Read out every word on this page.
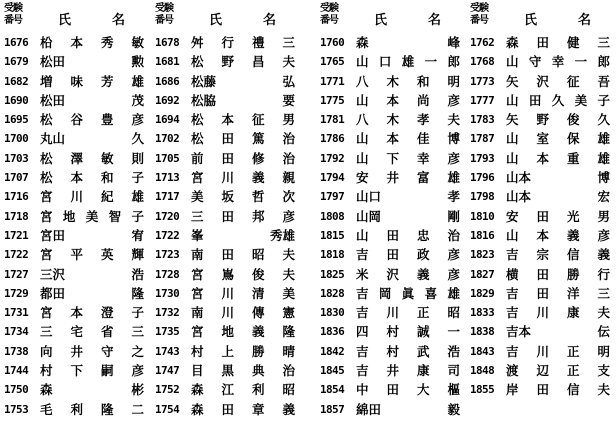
受験
番号	氏	名
1676 柗 本 秀 敏
1679 松田	勲
1682 増 味 芳 雄
1690 松田	茂
1695 松 谷 豊 彦
1700 丸山	久
1703 松 澤 敏 則
1707 松 本 和 子
1716 宮 川 紀 雄
1718 宮 地 美 智 子
1721 宮田	宥
1722 宮 平 英 輝
1727 三沢	浩
1729 都田	隆
1731 宮 本 澄 子
1734 三 宅 省 三
1738 向 井 守 之
1744 村 下 嗣 彦
1750 森	彬
1753 毛 利 隆 二
受験
番号	氏	名
1678 舛 行 禮 三
1681 松 野 昌 夫
1686 松藤	弘
1692 松脇	要
1694 松 本 征 男
1702 松 田 篤 治
1705 前 田 修 治
1713 宮 川 義 親
1717 美 坂 哲 次
1720 三 田 邦 彦
1722 峯	秀雄
1723 南 田 昭 夫
1728 宮 嶌 俊 夫
1730 宮 川 清 美
1732 南 川 傳 憲
1735 宮 地 義 隆
1743 村 上 勝 晴
1747 目 黒 典 治
1752 森 江 利 昭
1754 森 田 章 義
受験
番号	氏	名
1760 森	峰
1765 山 口 雄 一 郎
1771 八 木 和 明
1775 山 本 尚 彦
1781 八 木 孝 夫
1786 山 本 佳 博
1792 山 下 幸 彦
1794 安 井 富 雄
1797 山口	孝
1808 山岡	剛
1815 山 田 忠 治
1818 吉 田 政 彦
1825 米 沢 義 彦
1828 吉 岡 眞 喜 雄
1830 吉 川 正 昭
1836 四 村 誠 一
1842 吉 村 武 浩
1845 吉 井 康 司
1854 中 田 大 樞
1857 綿田	毅
受験
番号	氏	名
1762 森 田 健 三
1768 山 守 幸 一 郎
1773 矢 沢 征 吾
1777 山 田 久 美 子
1783 矢 野 俊 久
1787 山 室 保 雄
1793 山 本 重 雄
1796 山本	博
1798 山本	宏
1810 安 田 光 男
1816 山 本 義 彦
1823 吉 宗 信 義
1827 横 田 勝 行
1829 吉 田 洋 三
1833 吉 川 康 夫
1838 吉本	伝
1843 吉 川 正 明
1848 渡 辺 正 支
1855 岸 田 信 夫
